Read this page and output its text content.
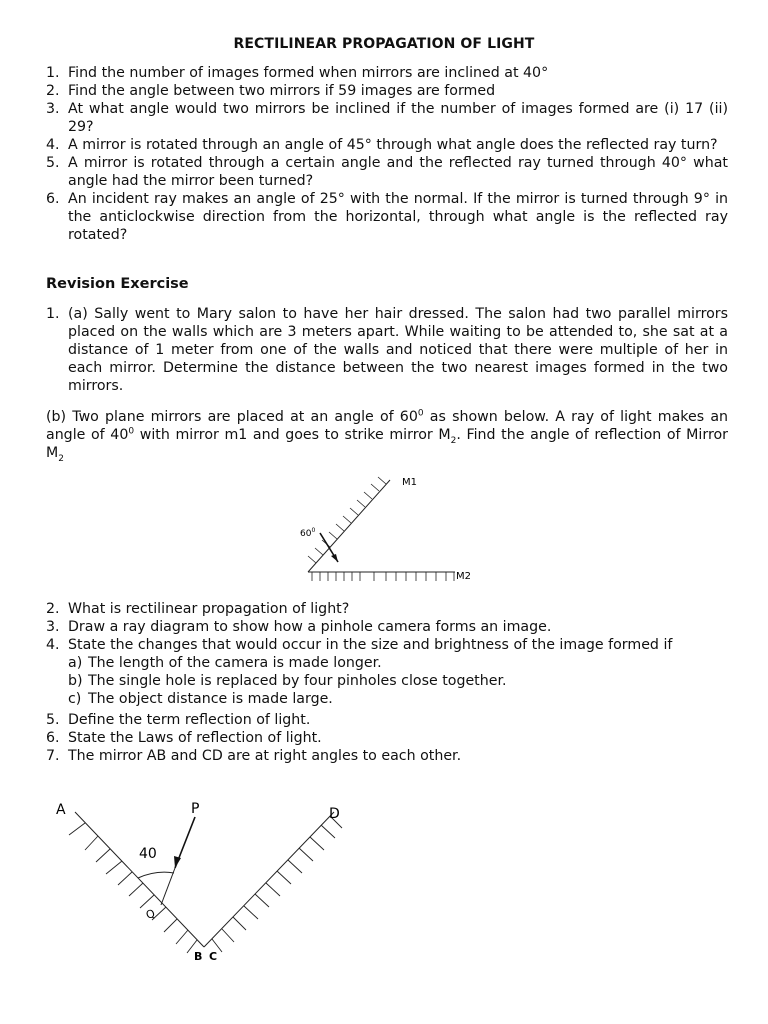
RECTILINEAR PROPAGATION OF LIGHT
1. Find the number of images formed when mirrors are inclined at 40°
2. Find the angle between two mirrors if 59 images are formed
3. At what angle would two mirrors be inclined if the number of images formed are (i) 17 (ii) 29?
4. A mirror is rotated through an angle of 45° through what angle does the reflected ray turn?
5. A mirror is rotated through a certain angle and the reflected ray turned through 40° what angle had the mirror been turned?
6. An incident ray makes an angle of 25° with the normal. If the mirror is turned through 9° in the anticlockwise direction from the horizontal, through what angle is the reflected ray rotated?
Revision Exercise
1. (a) Sally went to Mary salon to have her hair dressed. The salon had two parallel mirrors placed on the walls which are 3 meters apart. While waiting to be attended to, she sat at a distance of 1 meter from one of the walls and noticed that there were multiple of her in each mirror. Determine the distance between the two nearest images formed in the two mirrors.
(b) Two plane mirrors are placed at an angle of $60^0$ as shown below. A ray of light makes an angle of $40^0$ with mirror m1 and goes to strike mirror $M_2$. Find the angle of reflection of Mirror $M_2$
M1
M2
$60^0$
2. What is rectilinear propagation of light?
3. Draw a ray diagram to show how a pinhole camera forms an image.
4. State the changes that would occur in the size and brightness of the image formed if
a) The length of the camera is made longer.
b) The single hole is replaced by four pinholes close together.
c) The object distance is made large.
5. Define the term reflection of light.
6. State the Laws of reflection of light.
7. The mirror AB and CD are at right angles to each other.
A	P	D
40
Q
B C
